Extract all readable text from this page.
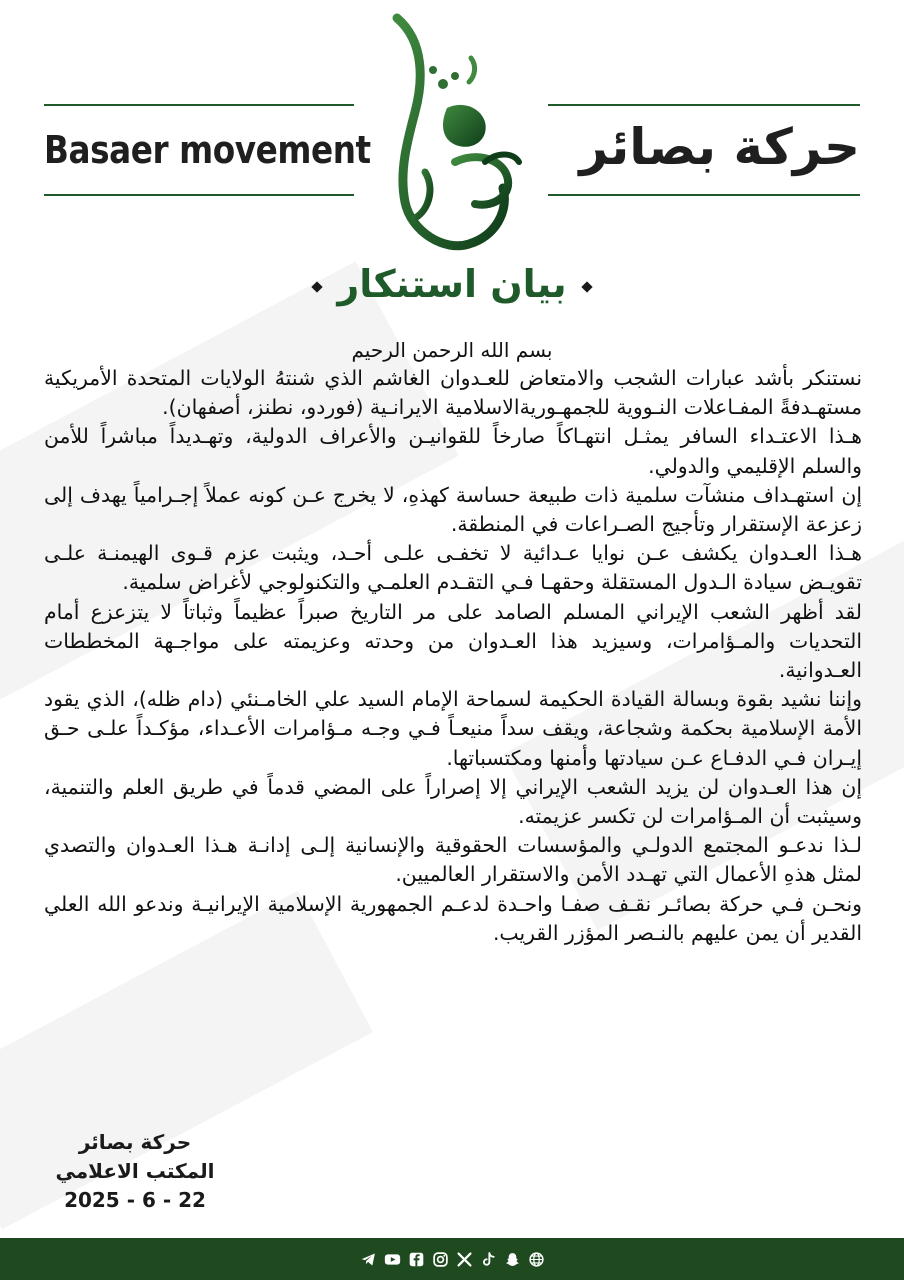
Basaer movement	حركة بصائر
بيان استنكار
بسم الله الرحمن الرحيم

نستنكر بأشد عبارات الشجب والامتعاض للعـدوان الغاشم الذي شنتهُ الولايات المتحدة الأمريكية مستهـدفةً المفـاعلات النـووية للجمهـوريةالاسلامية الايرانـية (فوردو، نطنز، أصفهان).

هـذا الاعتـداء السافر يمثـل انتهـاكاً صارخاً للقوانيـن والأعراف الدولية، وتهـديداً مباشراً للأمن والسلم الإقليمي والدولي.

إن استهـداف منشآت سلمية ذات طبيعة حساسة كهذهِ، لا يخرج عـن كونه عملاً إجـرامياً يهدف إلى زعزعة الإستقرار وتأجيج الصـراعات في المنطقة.

هـذا العـدوان يكشف عـن نوايا عـدائية لا تخفـى علـى أحـد، ويثبت عزم قـوى الهيمنـة علـى تقويـض سيادة الـدول المستقلة وحقهـا فـي التقـدم العلمـي والتكنولوجي لأغراض سلمية.

لقد أظهر الشعب الإيراني المسلم الصامد على مر التاريخ صبراً عظيماً وثباتاً لا يتزعزع أمام التحديات والمـؤامرات، وسيزيد هذا العـدوان من وحدته وعزيمته على مواجـهة المخططات العـدوانية.

وإننا نشيد بقوة وبسالة القيادة الحكيمة لسماحة الإمام السيد علي الخامـنئي (دام ظله)، الذي يقود الأمة الإسلامية بحكمة وشجاعة، ويقف سداً منيعـاً فـي وجـه مـؤامرات الأعـداء، مؤكـداً علـى حـق إيـران فـي الدفـاع عـن سيادتها وأمنها ومكتسباتها.

إن هذا العـدوان لن يزيد الشعب الإيراني إلا إصراراً على المضي قدماً في طريق العلم والتنمية، وسيثبت أن المـؤامرات لن تكسر عزيمته.

لـذا ندعـو المجتمع الدولـي والمؤسسات الحقوقية والإنسانية إلـى إدانـة هـذا العـدوان والتصدي لمثل هذهِ الأعمال التي تهـدد الأمن والاستقرار العالميين.

ونحـن فـي حركة بصائـر نقـف صفـا واحـدة لدعـم الجمهورية الإسلامية الإيرانيـة وندعو الله العلي القدير أن يمن عليهم بالنـصر المؤزر القريب.

حركة بصائر
المكتب الاعلامي
2025 - 6 - 22
